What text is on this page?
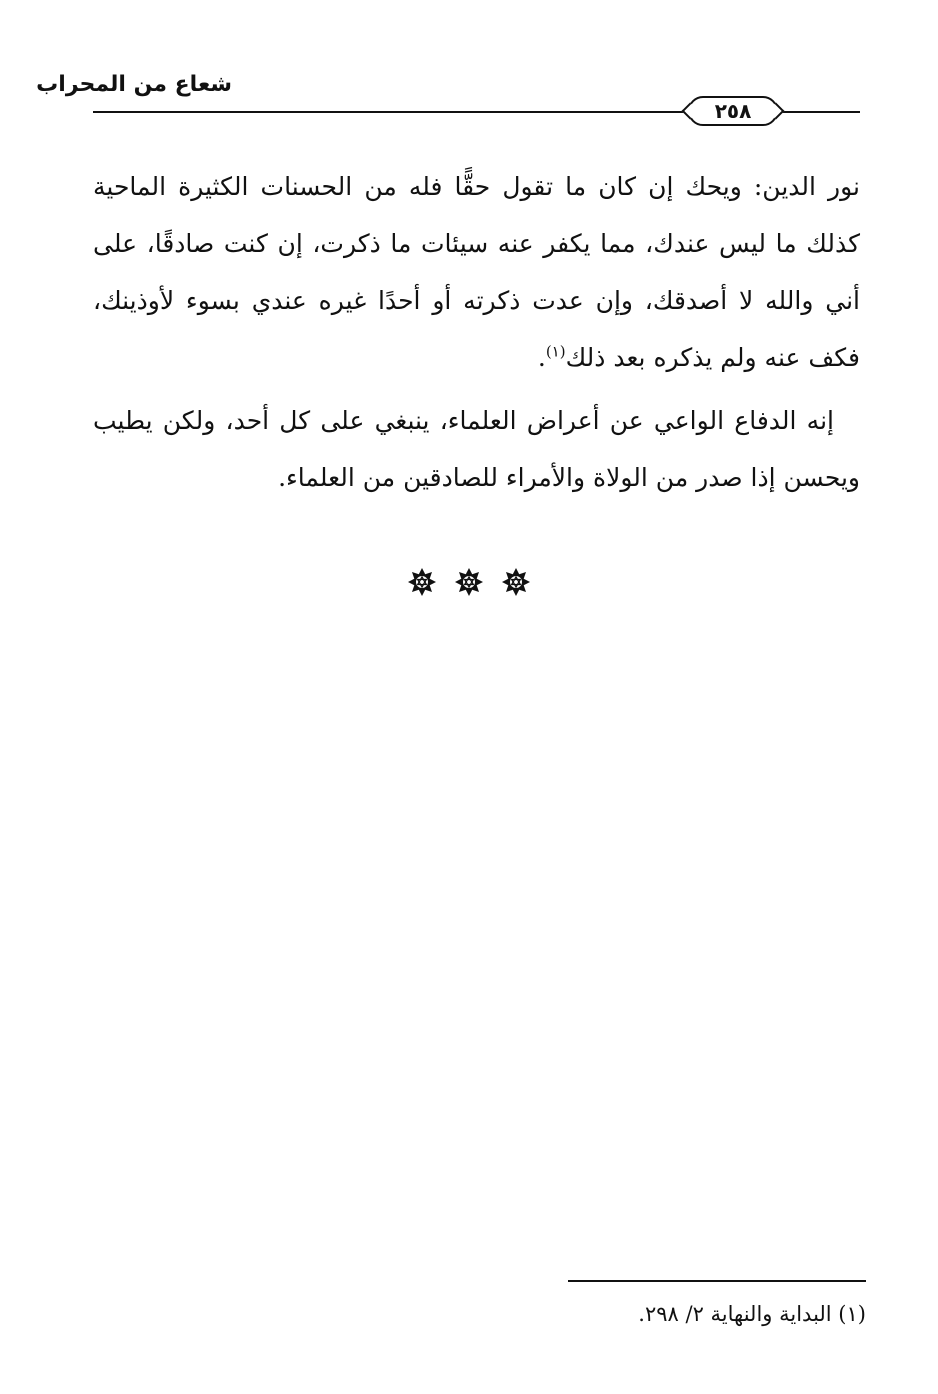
شعاع من المحراب
٢٥٨

نور الدين: ويحك إن كان ما تقول حقًّا فله من الحسنات الكثيرة الماحية كذلك ما ليس عندك، مما يكفر عنه سيئات ما ذكرت، إن كنت صادقًا، على أني والله لا أصدقك، وإن عدت ذكرته أو أحدًا غيره عندي بسوء لأوذينك، فكف عنه ولم يذكره بعد ذلك$^{(١)}$.

إنه الدفاع الواعي عن أعراض العلماء، ينبغي على كل أحد، ولكن يطيب ويحسن إذا صدر من الولاة والأمراء للصادقين من العلماء.

(١) البداية والنهاية ٢/ ٢٩٨.
